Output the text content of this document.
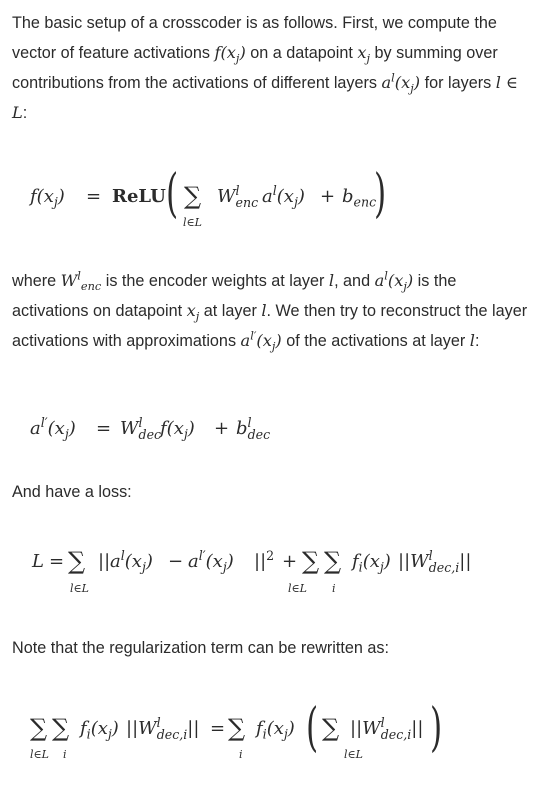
The basic setup of a crosscoder is as follows. First, we compute the vector of feature activations $f(x_j)$ on a datapoint $x_j$ by summing over contributions from the activations of different layers $a^l(x_j)$ for layers l ∈ L:
$f(x_j)$ = ReLU ( ∑
l∈L
$W^l_{enc}$ $a^l(x_j) + b_{enc}$
)
where $W^l_{enc}$ is the encoder weights at layer l, and $a^l(x_j)$ is the activations on datapoint $x_j$ at layer l. We then try to reconstruct the layer activations with approximations $a^{l'}(x_j)$ of the activations at layer l:
$a^{l'}(x_j) = W^l_{dec}$
$f(x_j) + b^l_{dec}$
And have a loss:
L = ∑
l∈L
|| $a^l(x_j) - a^{l'}(x_j) ||^2$ + ∑
l∈L
∑
i
$f_i(x_j)$ $||W^l_{dec,i}||$
Note that the regularization term can be rewritten as:
∑
l∈L
∑
i
$f_i(x_j) ||W^l_{dec,i}||$ = ∑
i
$f_i(x_j)$ ( ∑
l∈L
$||W^l_{dec,i}||$ )
